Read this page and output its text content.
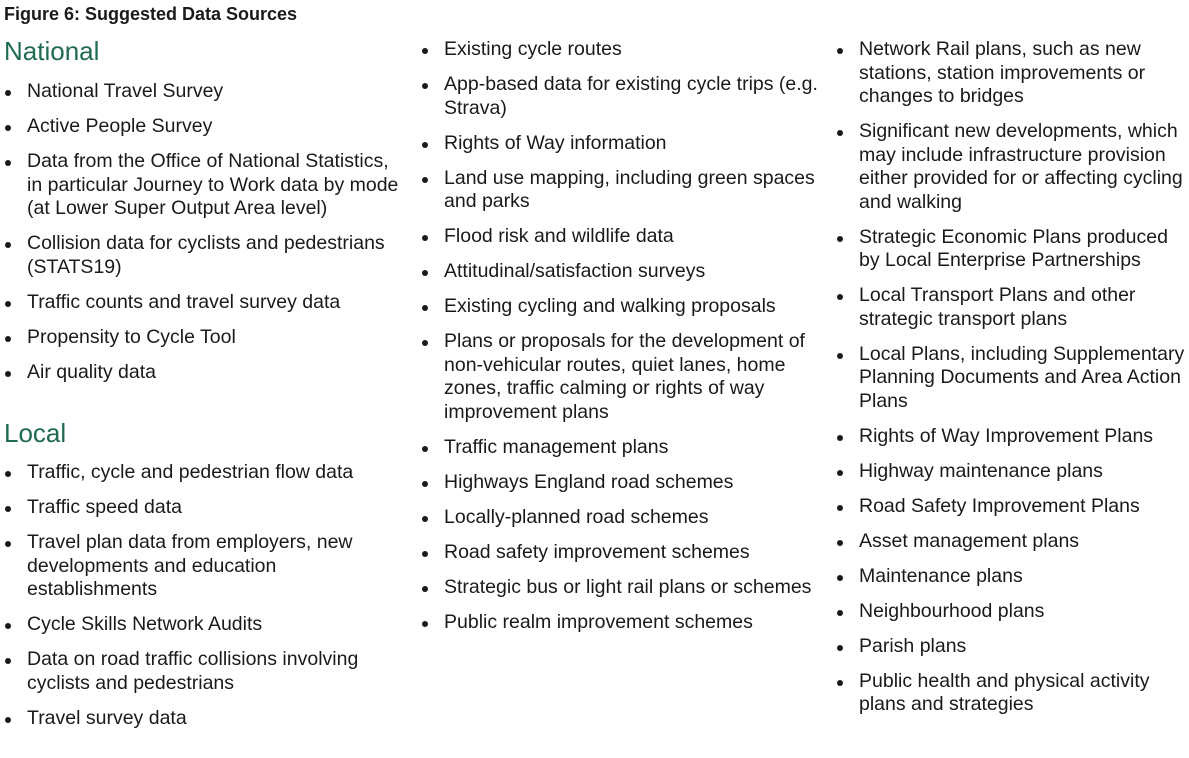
Figure 6: Suggested Data Sources
National
National Travel Survey
Active People Survey
Data from the Office of National Statistics, in particular Journey to Work data by mode (at Lower Super Output Area level)
Collision data for cyclists and pedestrians (STATS19)
Traffic counts and travel survey data
Propensity to Cycle Tool
Air quality data
Local
Traffic, cycle and pedestrian flow data
Traffic speed data
Travel plan data from employers, new developments and education establishments
Cycle Skills Network Audits
Data on road traffic collisions involving cyclists and pedestrians
Travel survey data
Existing cycle routes
App-based data for existing cycle trips (e.g. Strava)
Rights of Way information
Land use mapping, including green spaces and parks
Flood risk and wildlife data
Attitudinal/satisfaction surveys
Existing cycling and walking proposals
Plans or proposals for the development of non-vehicular routes, quiet lanes, home zones, traffic calming or rights of way improvement plans
Traffic management plans
Highways England road schemes
Locally-planned road schemes
Road safety improvement schemes
Strategic bus or light rail plans or schemes
Public realm improvement schemes
Network Rail plans, such as new stations, station improvements or changes to bridges
Significant new developments, which may include infrastructure provision either provided for or affecting cycling and walking
Strategic Economic Plans produced by Local Enterprise Partnerships
Local Transport Plans and other strategic transport plans
Local Plans, including Supplementary Planning Documents and Area Action Plans
Rights of Way Improvement Plans
Highway maintenance plans
Road Safety Improvement Plans
Asset management plans
Maintenance plans
Neighbourhood plans
Parish plans
Public health and physical activity plans and strategies
